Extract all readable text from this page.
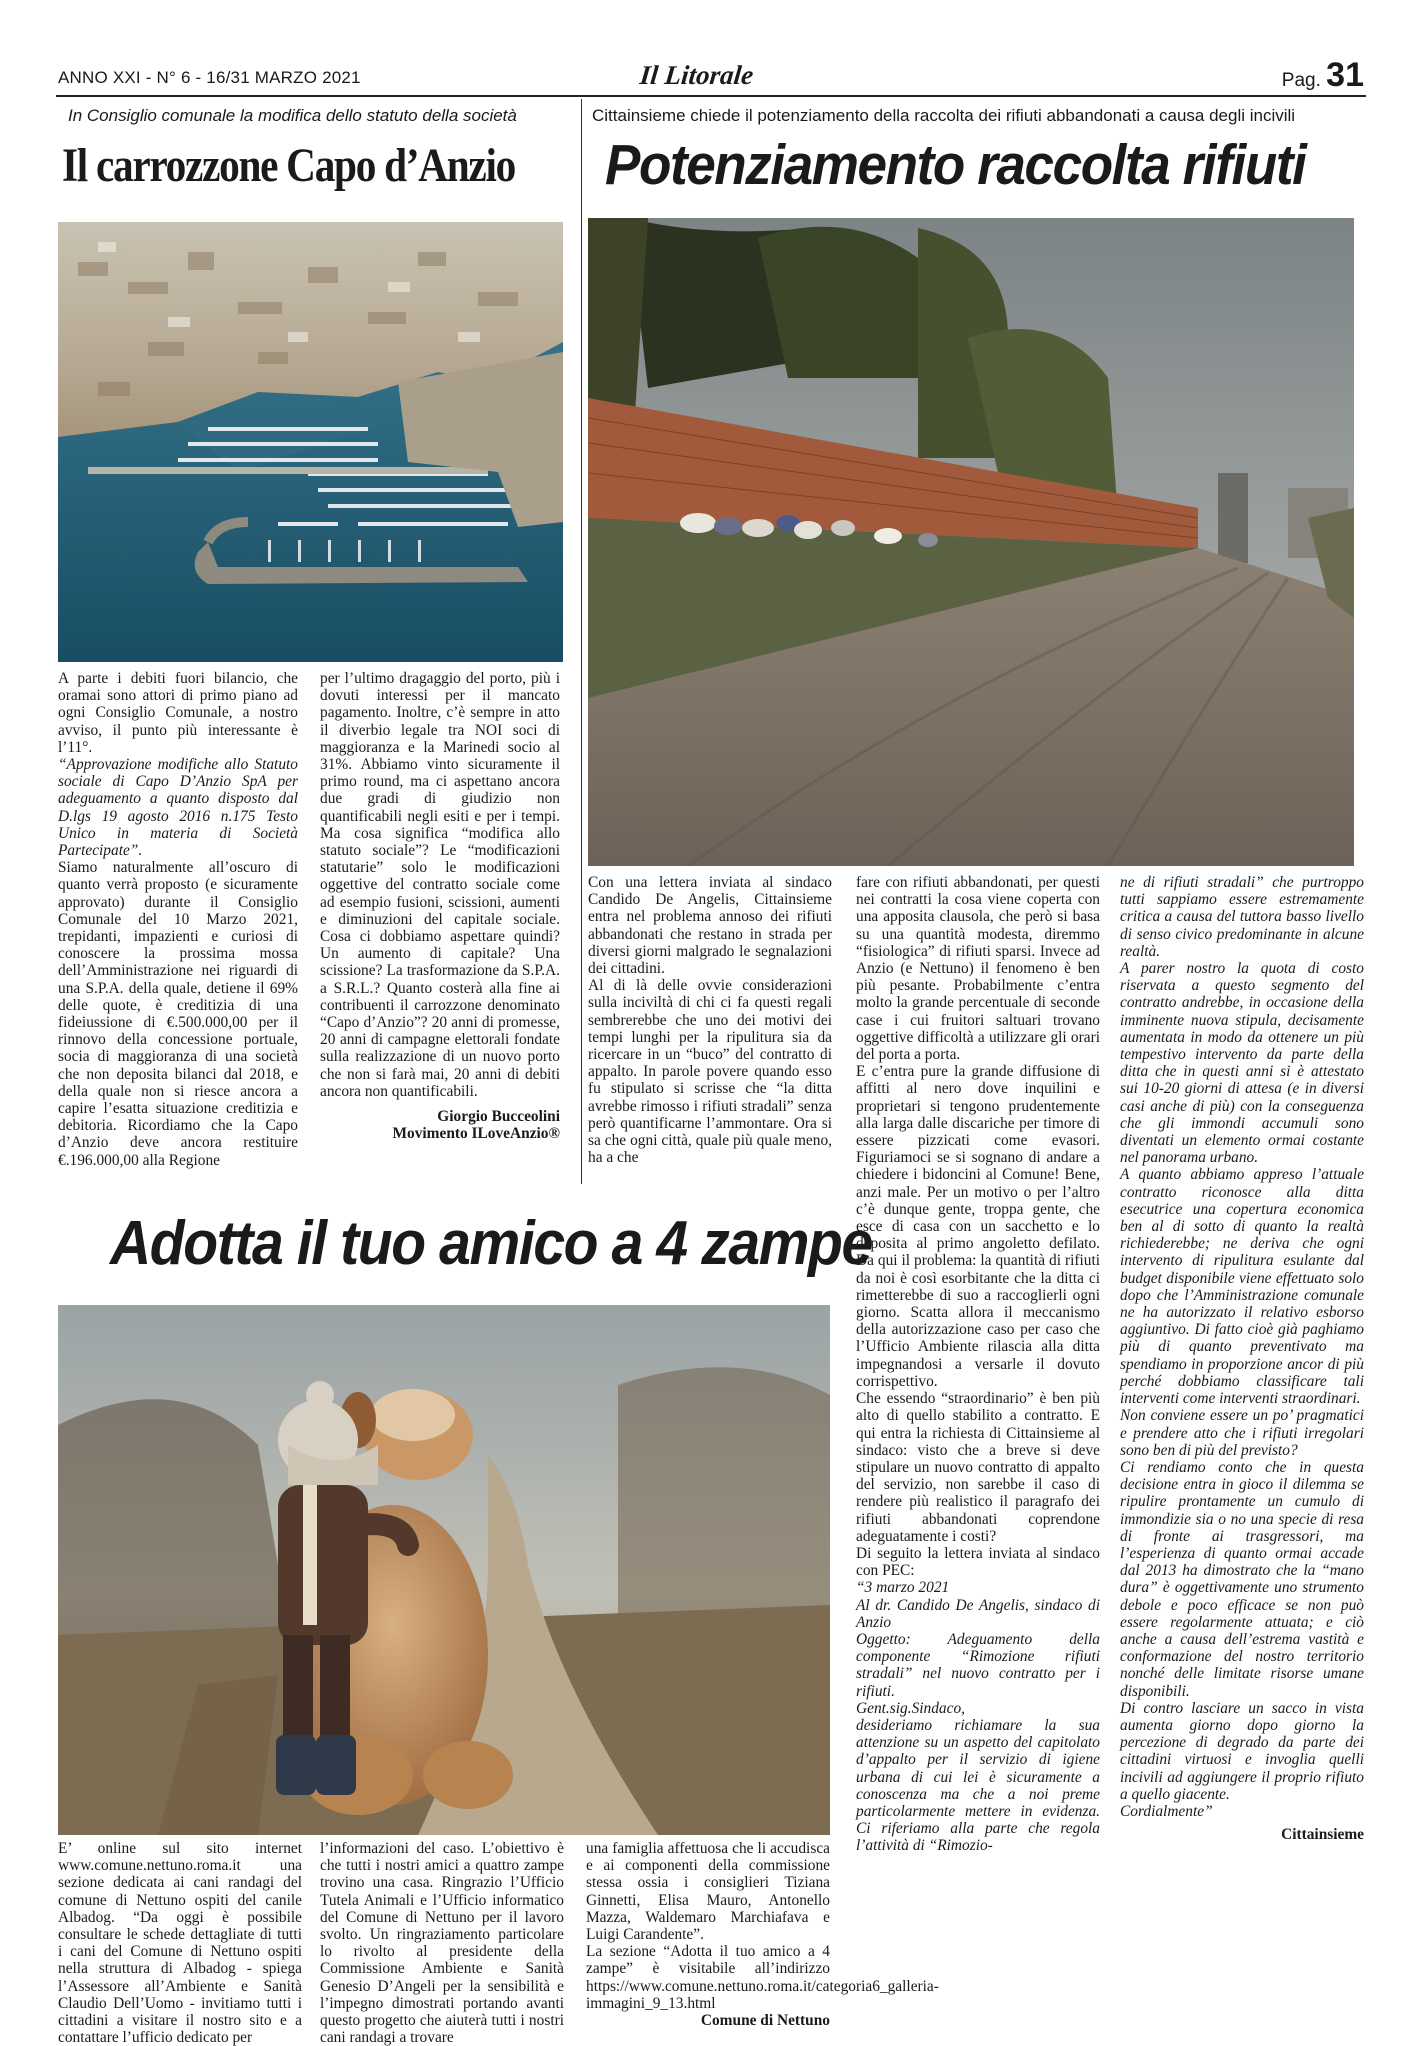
ANNO XXI - N° 6 - 16/31 MARZO 2021	Il Litorale	Pag. 31
In Consiglio comunale la modifica dello statuto della società
Il carrozzone Capo d’Anzio

A parte i debiti fuori bilancio, che oramai sono attori di primo piano ad ogni Consiglio Comunale, a nostro avviso, il punto più interessante è l’11°.

“Approvazione modifiche allo Statuto sociale di Capo D’Anzio SpA per adeguamento a quanto disposto dal D.lgs 19 agosto 2016 n.175 Testo Unico in materia di Società Partecipate”.

Siamo naturalmente all’oscuro di quanto verrà proposto (e sicuramente approvato) durante il Consiglio Comunale del 10 Marzo 2021, trepidanti, impazienti e curiosi di conoscere la prossima mossa dell’Amministrazione nei riguardi di una S.P.A. della quale, detiene il 69% delle quote, è creditizia di una fideiussione di €.500.000,00 per il rinnovo della concessione portuale, socia di maggioranza di una società che non deposita bilanci dal 2018, e della quale non si riesce ancora a capire l’esatta situazione creditizia e debitoria. Ricordiamo che la Capo d’Anzio deve ancora restituire €.196.000,00 alla Regione

per l’ultimo dragaggio del porto, più i dovuti interessi per il mancato pagamento. Inoltre, c’è sempre in atto il diverbio legale tra NOI soci di maggioranza e la Marinedi socio al 31%. Abbiamo vinto sicuramente il primo round, ma ci aspettano ancora due gradi di giudizio non quantificabili negli esiti e per i tempi. Ma cosa significa “modifica allo statuto sociale”? Le “modificazioni statutarie” solo le modificazioni oggettive del contratto sociale come ad esempio fusioni, scissioni, aumenti e diminuzioni del capitale sociale. Cosa ci dobbiamo aspettare quindi? Un aumento di capitale? Una scissione? La trasformazione da S.P.A. a S.R.L.? Quanto costerà alla fine ai contribuenti il carrozzone denominato “Capo d’Anzio”? 20 anni di promesse, 20 anni di campagne elettorali fondate sulla realizzazione di un nuovo porto che non si farà mai, 20 anni di debiti ancora non quantificabili.

Giorgio Bucceolini

Movimento ILoveAnzio®

Cittainsieme chiede il potenziamento della raccolta dei rifiuti abbandonati a causa degli incivili
Potenziamento raccolta rifiuti

Con una lettera inviata al sindaco Candido De Angelis, Cittainsieme entra nel problema annoso dei rifiuti abbandonati che restano in strada per diversi giorni malgrado le segnalazioni dei cittadini.

Al di là delle ovvie considerazioni sulla inciviltà di chi ci fa questi regali sembrerebbe che uno dei motivi dei tempi lunghi per la ripulitura sia da ricercare in un “buco” del contratto di appalto. In parole povere quando esso fu stipulato si scrisse che “la ditta avrebbe rimosso i rifiuti stradali” senza però quantificarne l’ammontare. Ora si sa che ogni città, quale più quale meno, ha a che

fare con rifiuti abbandonati, per questi nei contratti la cosa viene coperta con una apposita clausola, che però si basa su una quantità modesta, diremmo “fisiologica” di rifiuti sparsi. Invece ad Anzio (e Nettuno) il fenomeno è ben più pesante. Probabilmente c’entra molto la grande percentuale di seconde case i cui fruitori saltuari trovano oggettive difficoltà a utilizzare gli orari del porta a porta.

E c’entra pure la grande diffusione di affitti al nero dove inquilini e proprietari si tengono prudentemente alla larga dalle discariche per timore di essere pizzicati come evasori. Figuriamoci se si sognano di andare a chiedere i bidoncini al Comune! Bene, anzi male. Per un motivo o per l’altro c’è dunque gente, troppa gente, che esce di casa con un sacchetto e lo deposita al primo angoletto defilato. Da qui il problema: la quantità di rifiuti da noi è così esorbitante che la ditta ci rimetterebbe di suo a raccoglierli ogni giorno. Scatta allora il meccanismo della autorizzazione caso per caso che l’Ufficio Ambiente rilascia alla ditta impegnandosi a versarle il dovuto corrispettivo.

Che essendo “straordinario” è ben più alto di quello stabilito a contratto. E qui entra la richiesta di Cittainsieme al sindaco: visto che a breve si deve stipulare un nuovo contratto di appalto del servizio, non sarebbe il caso di rendere più realistico il paragrafo dei rifiuti abbandonati coprendone adeguatamente i costi?

Di seguito la lettera inviata al sindaco con PEC:

“3 marzo 2021

Al dr. Candido De Angelis, sindaco di Anzio

Oggetto: Adeguamento della componente “Rimozione rifiuti stradali” nel nuovo contratto per i rifiuti.

Gent.sig.Sindaco,

desideriamo richiamare la sua attenzione su un aspetto del capitolato d’appalto per il servizio di igiene urbana di cui lei è sicuramente a conoscenza ma che a noi preme particolarmente mettere in evidenza. Ci riferiamo alla parte che regola l’attività di “Rimozio-

ne di rifiuti stradali” che purtroppo tutti sappiamo essere estremamente critica a causa del tuttora basso livello di senso civico predominante in alcune realtà.

A parer nostro la quota di costo riservata a questo segmento del contratto andrebbe, in occasione della imminente nuova stipula, decisamente aumentata in modo da ottenere un più tempestivo intervento da parte della ditta che in questi anni si è attestato sui 10-20 giorni di attesa (e in diversi casi anche di più) con la conseguenza che gli immondi accumuli sono diventati un elemento ormai costante nel panorama urbano.

A quanto abbiamo appreso l’attuale contratto riconosce alla ditta esecutrice una copertura economica ben al di sotto di quanto la realtà richiederebbe; ne deriva che ogni intervento di ripulitura esulante dal budget disponibile viene effettuato solo dopo che l’Amministrazione comunale ne ha autorizzato il relativo esborso aggiuntivo. Di fatto cioè già paghiamo più di quanto preventivato ma spendiamo in proporzione ancor di più perché dobbiamo classificare tali interventi come interventi straordinari.

Non conviene essere un po’ pragmatici e prendere atto che i rifiuti irregolari sono ben di più del previsto?

Ci rendiamo conto che in questa decisione entra in gioco il dilemma se ripulire prontamente un cumulo di immondizie sia o no una specie di resa di fronte ai trasgressori, ma l’esperienza di quanto ormai accade dal 2013 ha dimostrato che la “mano dura” è oggettivamente uno strumento debole e poco efficace se non può essere regolarmente attuata; e ciò anche a causa dell’estrema vastità e conformazione del nostro territorio nonché delle limitate risorse umane disponibili.

Di contro lasciare un sacco in vista aumenta giorno dopo giorno la percezione di degrado da parte dei cittadini virtuosi e invoglia quelli incivili ad aggiungere il proprio rifiuto a quello giacente.

Cordialmente”

Cittainsieme

Adotta il tuo amico a 4 zampe

E’ online sul sito internet www.comune.nettuno.roma.it una sezione dedicata ai cani randagi del comune di Nettuno ospiti del canile Albadog. “Da oggi è possibile consultare le schede dettagliate di tutti i cani del Comune di Nettuno ospiti nella struttura di Albadog - spiega l’Assessore all’Ambiente e Sanità Claudio Dell’Uomo - invitiamo tutti i cittadini a visitare il nostro sito e a contattare l’ufficio dedicato per

l’informazioni del caso. L’obiettivo è che tutti i nostri amici a quattro zampe trovino una casa. Ringrazio l’Ufficio Tutela Animali e l’Ufficio informatico del Comune di Nettuno per il lavoro svolto. Un ringraziamento particolare lo rivolto al presidente della Commissione Ambiente e Sanità Genesio D’Angeli per la sensibilità e l’impegno dimostrati portando avanti questo progetto che aiuterà tutti i nostri cani randagi a trovare

una famiglia affettuosa che li accudisca e ai componenti della commissione stessa ossia i consiglieri Tiziana Ginnetti, Elisa Mauro, Antonello Mazza, Waldemaro Marchiafava e Luigi Carandente”.

La sezione “Adotta il tuo amico a 4 zampe” è visitabile all’indirizzo https://www.comune.nettuno.roma.it/categoria6_galleria-immagini_9_13.html

Comune di Nettuno
